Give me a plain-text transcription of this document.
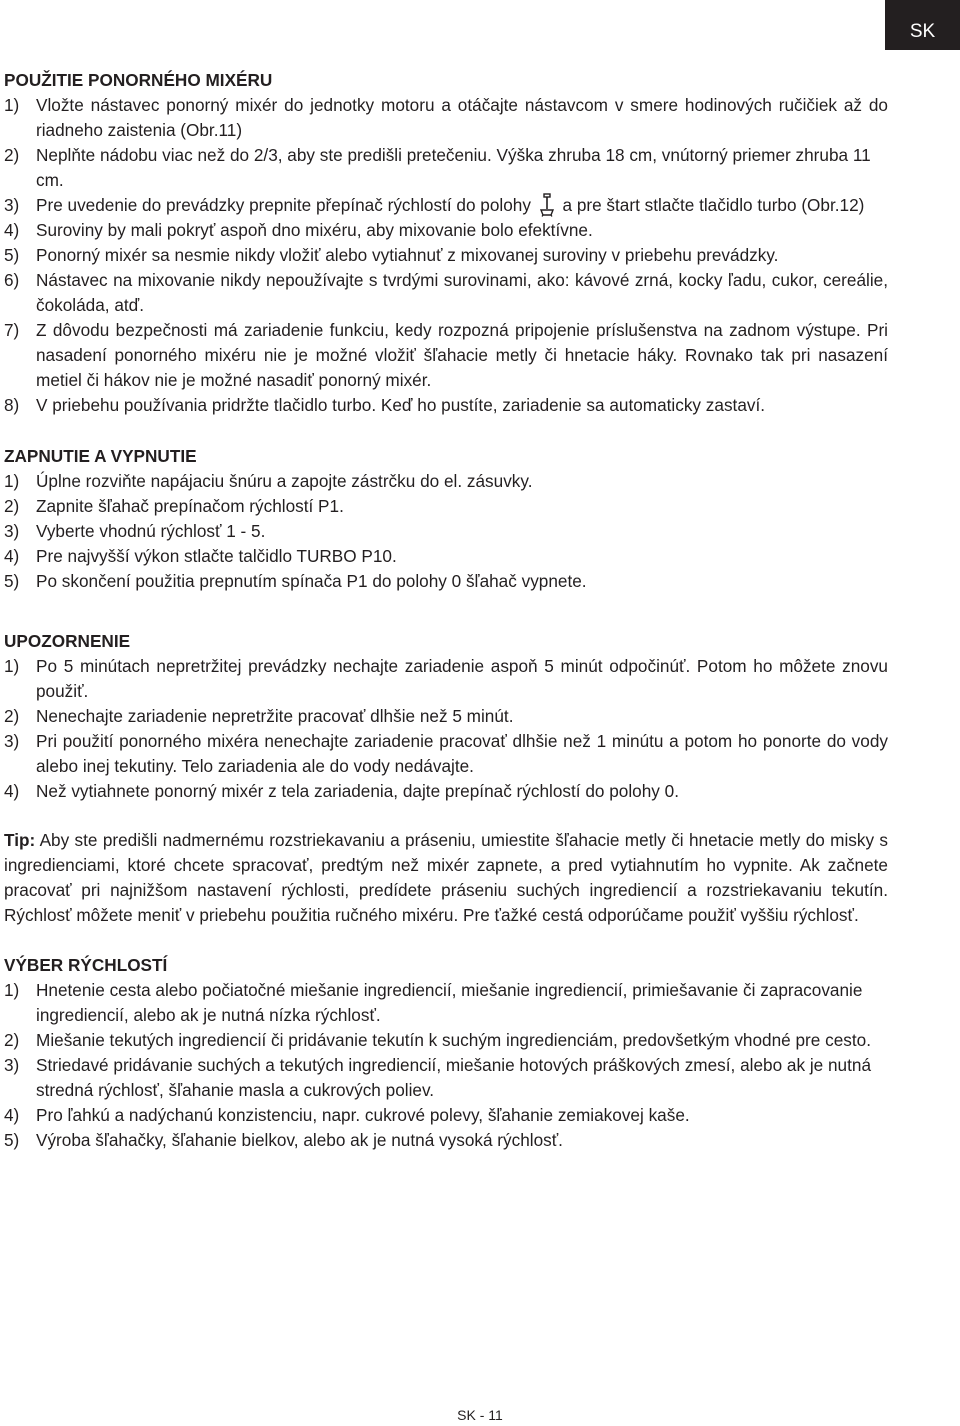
SK
POUŽITIE PONORNÉHO MIXÉRU
1) Vložte nástavec ponorný mixér do jednotky motoru a otáčajte nástavcom v smere hodinových ručičiek až do riadneho zaistenia (Obr.11)
2) Neplňte nádobu viac než do 2/3, aby ste predišli pretečeniu. Výška zhruba 18 cm, vnútorný priemer zhruba 11 cm.
3) Pre uvedenie do prevádzky prepnite přepínač rýchlostí do polohy a pre štart stlačte tlačidlo turbo (Obr.12)
4) Suroviny by mali pokryť aspoň dno mixéru, aby mixovanie bolo efektívne.
5) Ponorný mixér sa nesmie nikdy vložiť alebo vytiahnuť z mixovanej suroviny v priebehu prevádzky.
6) Nástavec na mixovanie nikdy nepoužívajte s tvrdými surovinami, ako: kávové zrná, kocky ľadu, cukor, cereálie, čokoláda, atď.
7) Z dôvodu bezpečnosti má zariadenie funkciu, kedy rozpozná pripojenie príslušenstva na zadnom výstupe. Pri nasadení ponorného mixéru nie je možné vložiť šľahacie metly či hnetacie háky. Rovnako tak pri nasazení metiel či hákov nie je možné nasadiť ponorný mixér.
8) V priebehu používania pridržte tlačidlo turbo. Keď ho pustíte, zariadenie sa automaticky zastaví.
ZAPNUTIE A VYPNUTIE
1) Úplne rozviňte napájaciu šnúru a zapojte zástrčku do el. zásuvky.
2) Zapnite šľahač prepínačom rýchlostí P1.
3) Vyberte vhodnú rýchlosť 1 - 5.
4) Pre najvyšší výkon stlačte talčidlo TURBO P10.
5) Po skončení použitia prepnutím spínača P1 do polohy 0 šľahač vypnete.
UPOZORNENIE
1) Po 5 minútach nepretržitej prevádzky nechajte zariadenie aspoň 5 minút odpočinúť. Potom ho môžete znovu použiť.
2) Nenechajte zariadenie nepretržite pracovať dlhšie než 5 minút.
3) Pri použití ponorného mixéra nenechajte zariadenie pracovať dlhšie než 1 minútu a potom ho ponorte do vody alebo inej tekutiny. Telo zariadenia ale do vody nedávajte.
4) Než vytiahnete ponorný mixér z tela zariadenia, dajte prepínač rýchlostí do polohy 0.

Tip: Aby ste predišli nadmernému rozstriekavaniu a práseniu, umiestite šľahacie metly či hnetacie metly do misky s ingredienciami, ktoré chcete spracovať, predtým než mixér zapnete, a pred vytiahnutím ho vypnite. Ak začnete pracovať pri najnižšom nastavení rýchlosti, predídete práseniu suchých ingrediencií a rozstriekavaniu tekutín. Rýchlosť môžete meniť v priebehu použitia ručného mixéru. Pre ťažké cestá odporúčame použiť vyššiu rýchlosť.

VÝBER RÝCHLOSTÍ
1) Hnetenie cesta alebo počiatočné miešanie ingrediencií, miešanie ingrediencií, primiešavanie či zapracovanie ingrediencií, alebo ak je nutná nízka rýchlosť.
2) Miešanie tekutých ingrediencií či pridávanie tekutín k suchým ingredienciám, predovšetkým vhodné pre cesto.
3) Striedavé pridávanie suchých a tekutých ingrediencií, miešanie hotových práškových zmesí, alebo ak je nutná stredná rýchlosť, šľahanie masla a cukrových poliev.
4) Pro ľahkú a nadýchanú konzistenciu, napr. cukrové polevy, šľahanie zemiakovej kaše.
5) Výroba šľahačky, šľahanie bielkov, alebo ak je nutná vysoká rýchlosť.
SK - 11
